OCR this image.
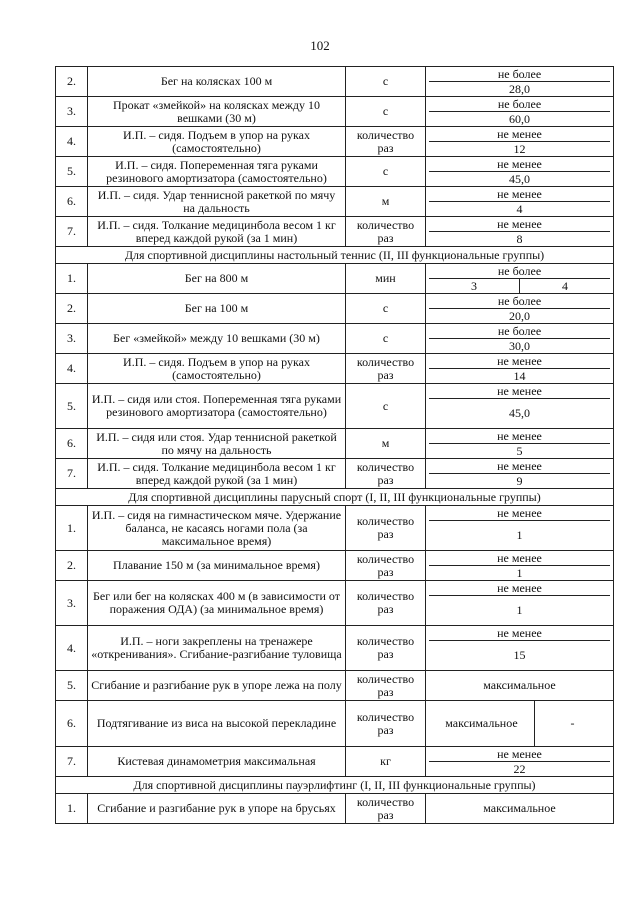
102
2.	Бег на колясках 100 м	с	не более
28,0

3.	Прокат «змейкой» на колясках между 10 вешками (30 м)	с	не более
60,0

4.	И.П. – сидя. Подъем в упор на руках (самостоятельно)	количество раз	не менее
12

5.	И.П. – сидя. Попеременная тяга руками резинового амортизатора (самостоятельно)	с	не менее
45,0

6.	И.П. – сидя. Удар теннисной ракеткой по мячу на дальность	м	не менее
4

7.	И.П. – сидя. Толкание медицинбола весом 1 кг вперед каждой рукой (за 1 мин)	количество раз	не менее
8

Для спортивной дисциплины настольный теннис (II, III функциональные группы)			
1.	Бег на 800 м	мин	не более
3 4

2.	Бег на 100 м	с	не более
20,0

3.	Бег «змейкой» между 10 вешками (30 м)	с	не более
30,0

4.	И.П. – сидя. Подъем в упор на руках (самостоятельно)	количество раз	не менее
14

5.	И.П. – сидя или стоя. Попеременная тяга руками резинового амортизатора (самостоятельно)	с	не менее
45,0

6.	И.П. – сидя или стоя. Удар теннисной ракеткой по мячу на дальность	м	не менее
5

7.	И.П. – сидя. Толкание медицинбола весом 1 кг вперед каждой рукой (за 1 мин)	количество раз	не менее
9

Для спортивной дисциплины парусный спорт (I, II, III функциональные группы)			
1.	И.П. – сидя на гимнастическом мяче. Удержание баланса, не касаясь ногами пола (за максимальное время)	количество раз	не менее
1

2.	Плавание 150 м (за минимальное время)	количество раз	не менее
1

3.	Бег или бег на колясках 400 м (в зависимости от поражения ОДА) (за минимальное время)	количество раз	не менее
1

4.	И.П. – ноги закреплены на тренажере «откренивания». Сгибание-разгибание туловища	количество раз	не менее
15

5.	Сгибание и разгибание рук в упоре лежа на полу	количество раз	максимальное

6.	Подтягивание из виса на высокой перекладине	количество раз	максимальное -

7.	Кистевая динамометрия максимальная	кг	не менее
22

Для спортивной дисциплины пауэрлифтинг (I, II, III функциональные группы)			
1.	Сгибание и разгибание рук в упоре на брусьях	количество раз	максимальное
